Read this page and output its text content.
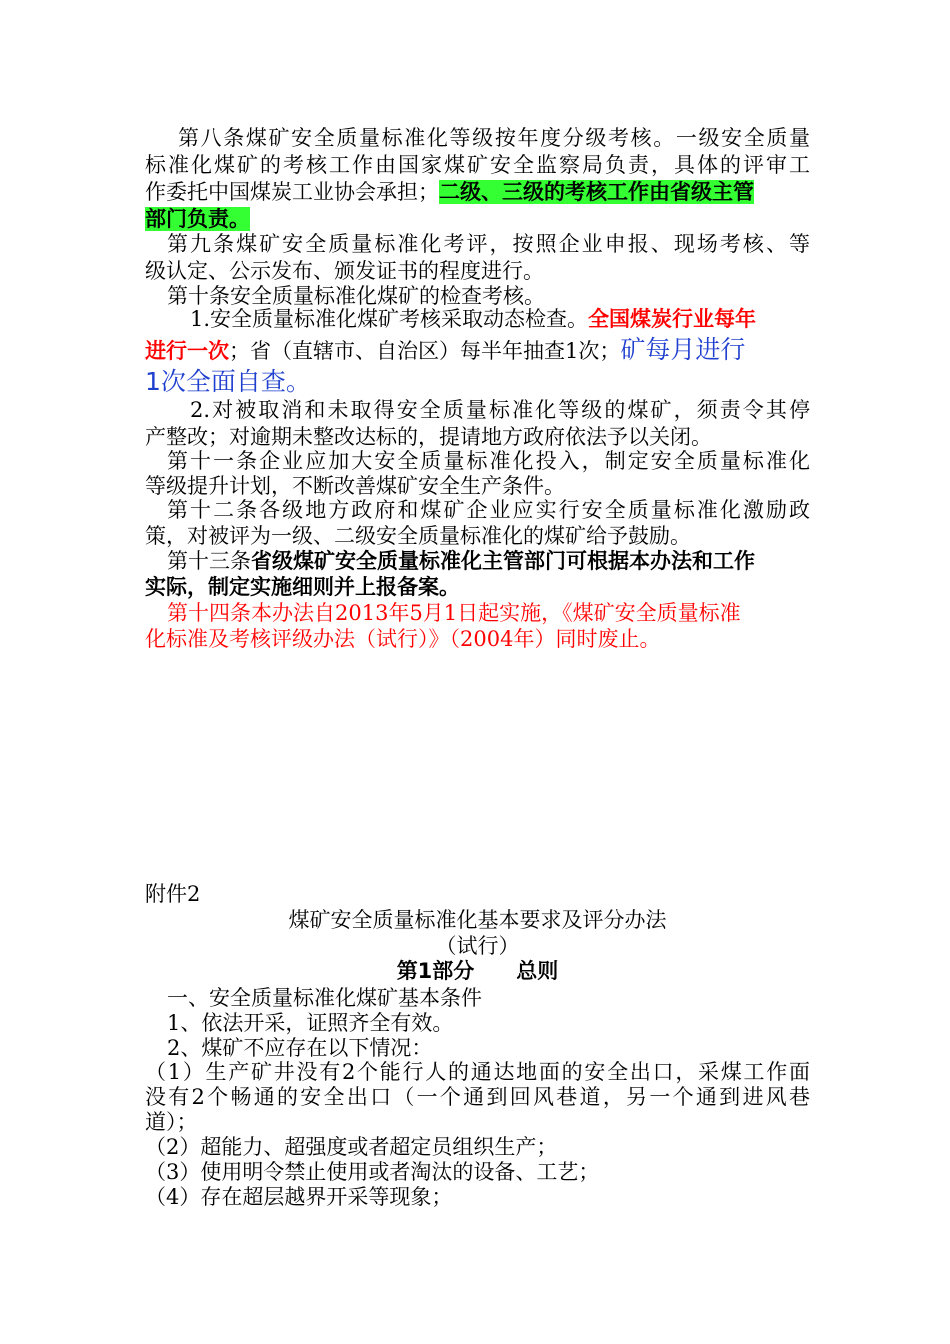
第八条煤矿安全质量标准化等级按年度分级考核。一级安全质量
标准化煤矿的考核工作由国家煤矿安全监察局负责，具体的评审工
作委托中国煤炭工业协会承担；二级、三级的考核工作由省级主管
部门负责。
第九条煤矿安全质量标准化考评，按照企业申报、现场考核、等
级认定、公示发布、颁发证书的程度进行。
第十条安全质量标准化煤矿的检查考核。
1.安全质量标准化煤矿考核采取动态检查。全国煤炭行业每年
进行一次；省（直辖市、自治区）每半年抽查1次；矿每月进行
1次全面自查。
2.对被取消和未取得安全质量标准化等级的煤矿，须责令其停
产整改；对逾期未整改达标的，提请地方政府依法予以关闭。
第十一条企业应加大安全质量标准化投入，制定安全质量标准化
等级提升计划，不断改善煤矿安全生产条件。
第十二条各级地方政府和煤矿企业应实行安全质量标准化激励政
策，对被评为一级、二级安全质量标准化的煤矿给予鼓励。
第十三条省级煤矿安全质量标准化主管部门可根据本办法和工作
实际，制定实施细则并上报备案。
第十四条本办法自2013年5月1日起实施，《煤矿安全质量标准
化标准及考核评级办法（试行）》（2004年）同时废止。
附件2
煤矿安全质量标准化基本要求及评分办法
（试行）
第1部分　　总则
一、安全质量标准化煤矿基本条件
1、依法开采，证照齐全有效。
2、煤矿不应存在以下情况：
（1）生产矿井没有2个能行人的通达地面的安全出口，采煤工作面
没有2个畅通的安全出口（一个通到回风巷道，另一个通到进风巷
道）；
（2）超能力、超强度或者超定员组织生产；
（3）使用明令禁止使用或者淘汰的设备、工艺；
（4）存在超层越界开采等现象；
